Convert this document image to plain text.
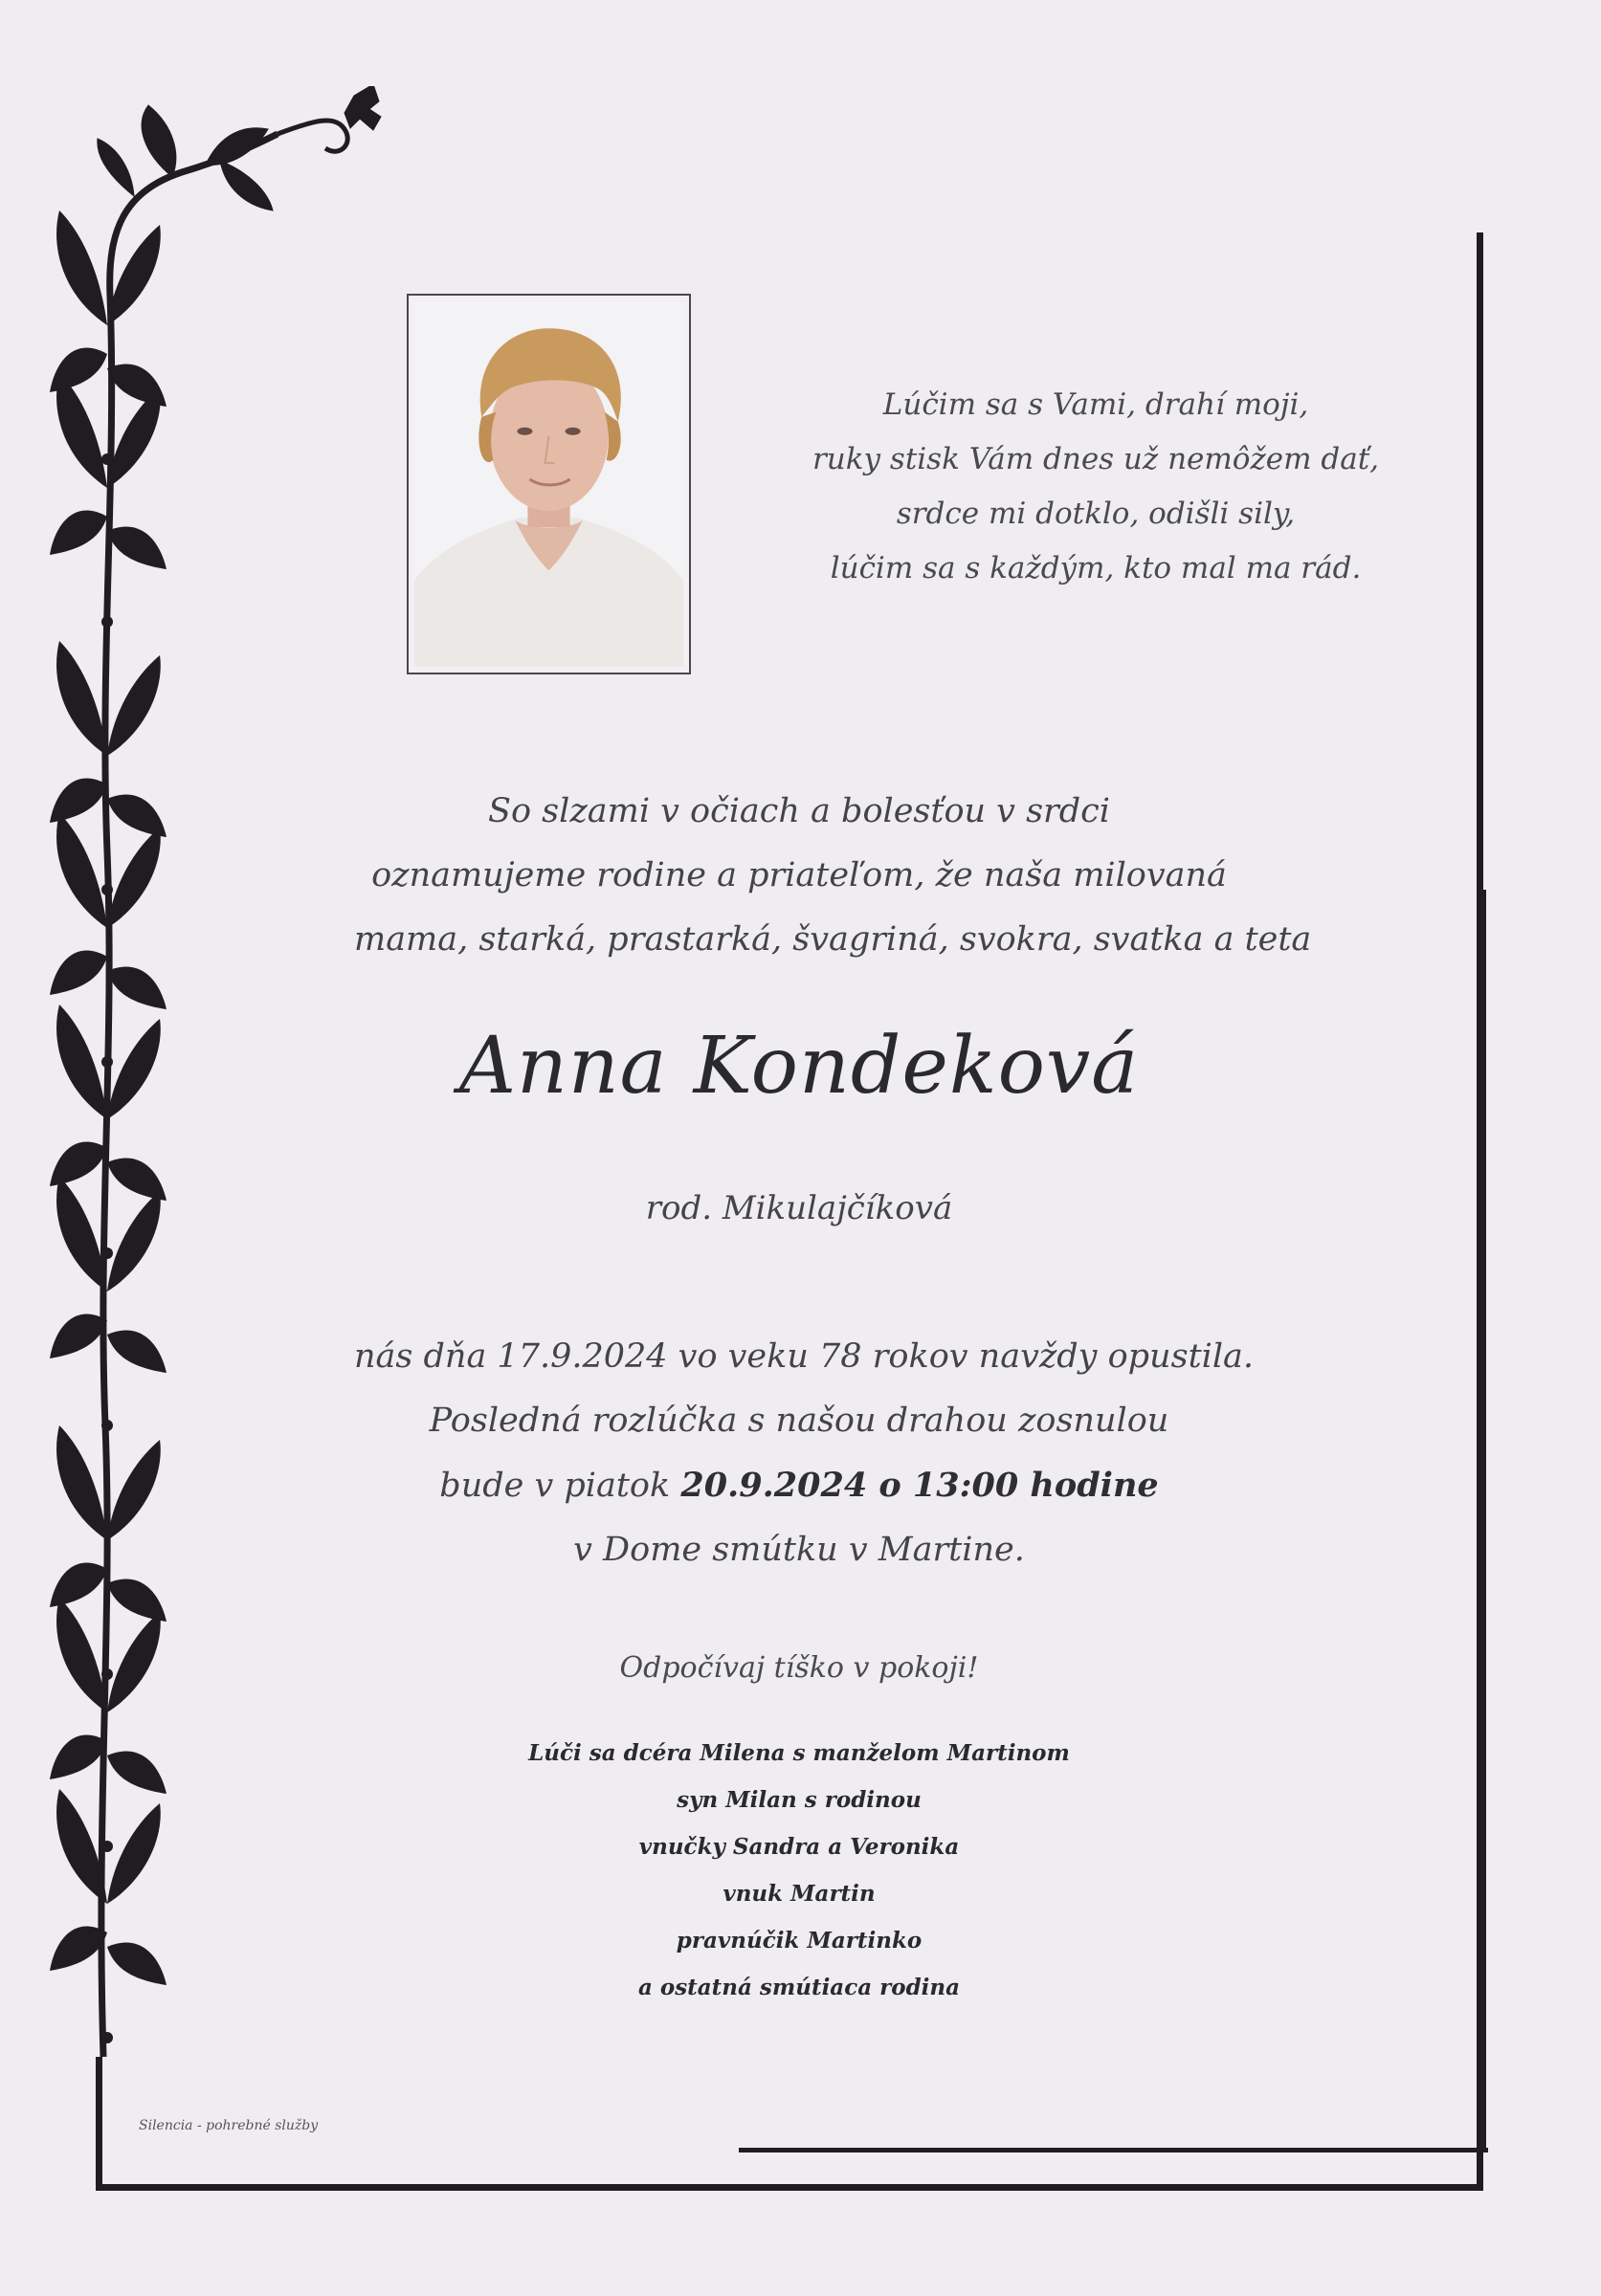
Lúčim sa s Vami, drahí moji,
ruky stisk Vám dnes už nemôžem dať,
srdce mi dotklo, odišli sily,
lúčim sa s každým, kto mal ma rád.
So slzami v očiach a bolesťou v srdci
oznamujeme rodine a priateľom, že naša milovaná
mama, starká, prastarká, švagriná, svokra, svatka a teta
Anna Kondeková
rod. Mikulajčíková
nás dňa 17.9.2024 vo veku 78 rokov navždy opustila.
Posledná rozlúčka s našou drahou zosnulou
bude v piatok 20.9.2024 o 13:00 hodine
v Dome smútku v Martine.
Odpočívaj tíško v pokoji!
Lúči sa dcéra Milena s manželom Martinom
syn Milan s rodinou
vnučky Sandra a Veronika
vnuk Martin
pravnúčik Martinko
a ostatná smútiaca rodina
Silencia - pohrebné služby
